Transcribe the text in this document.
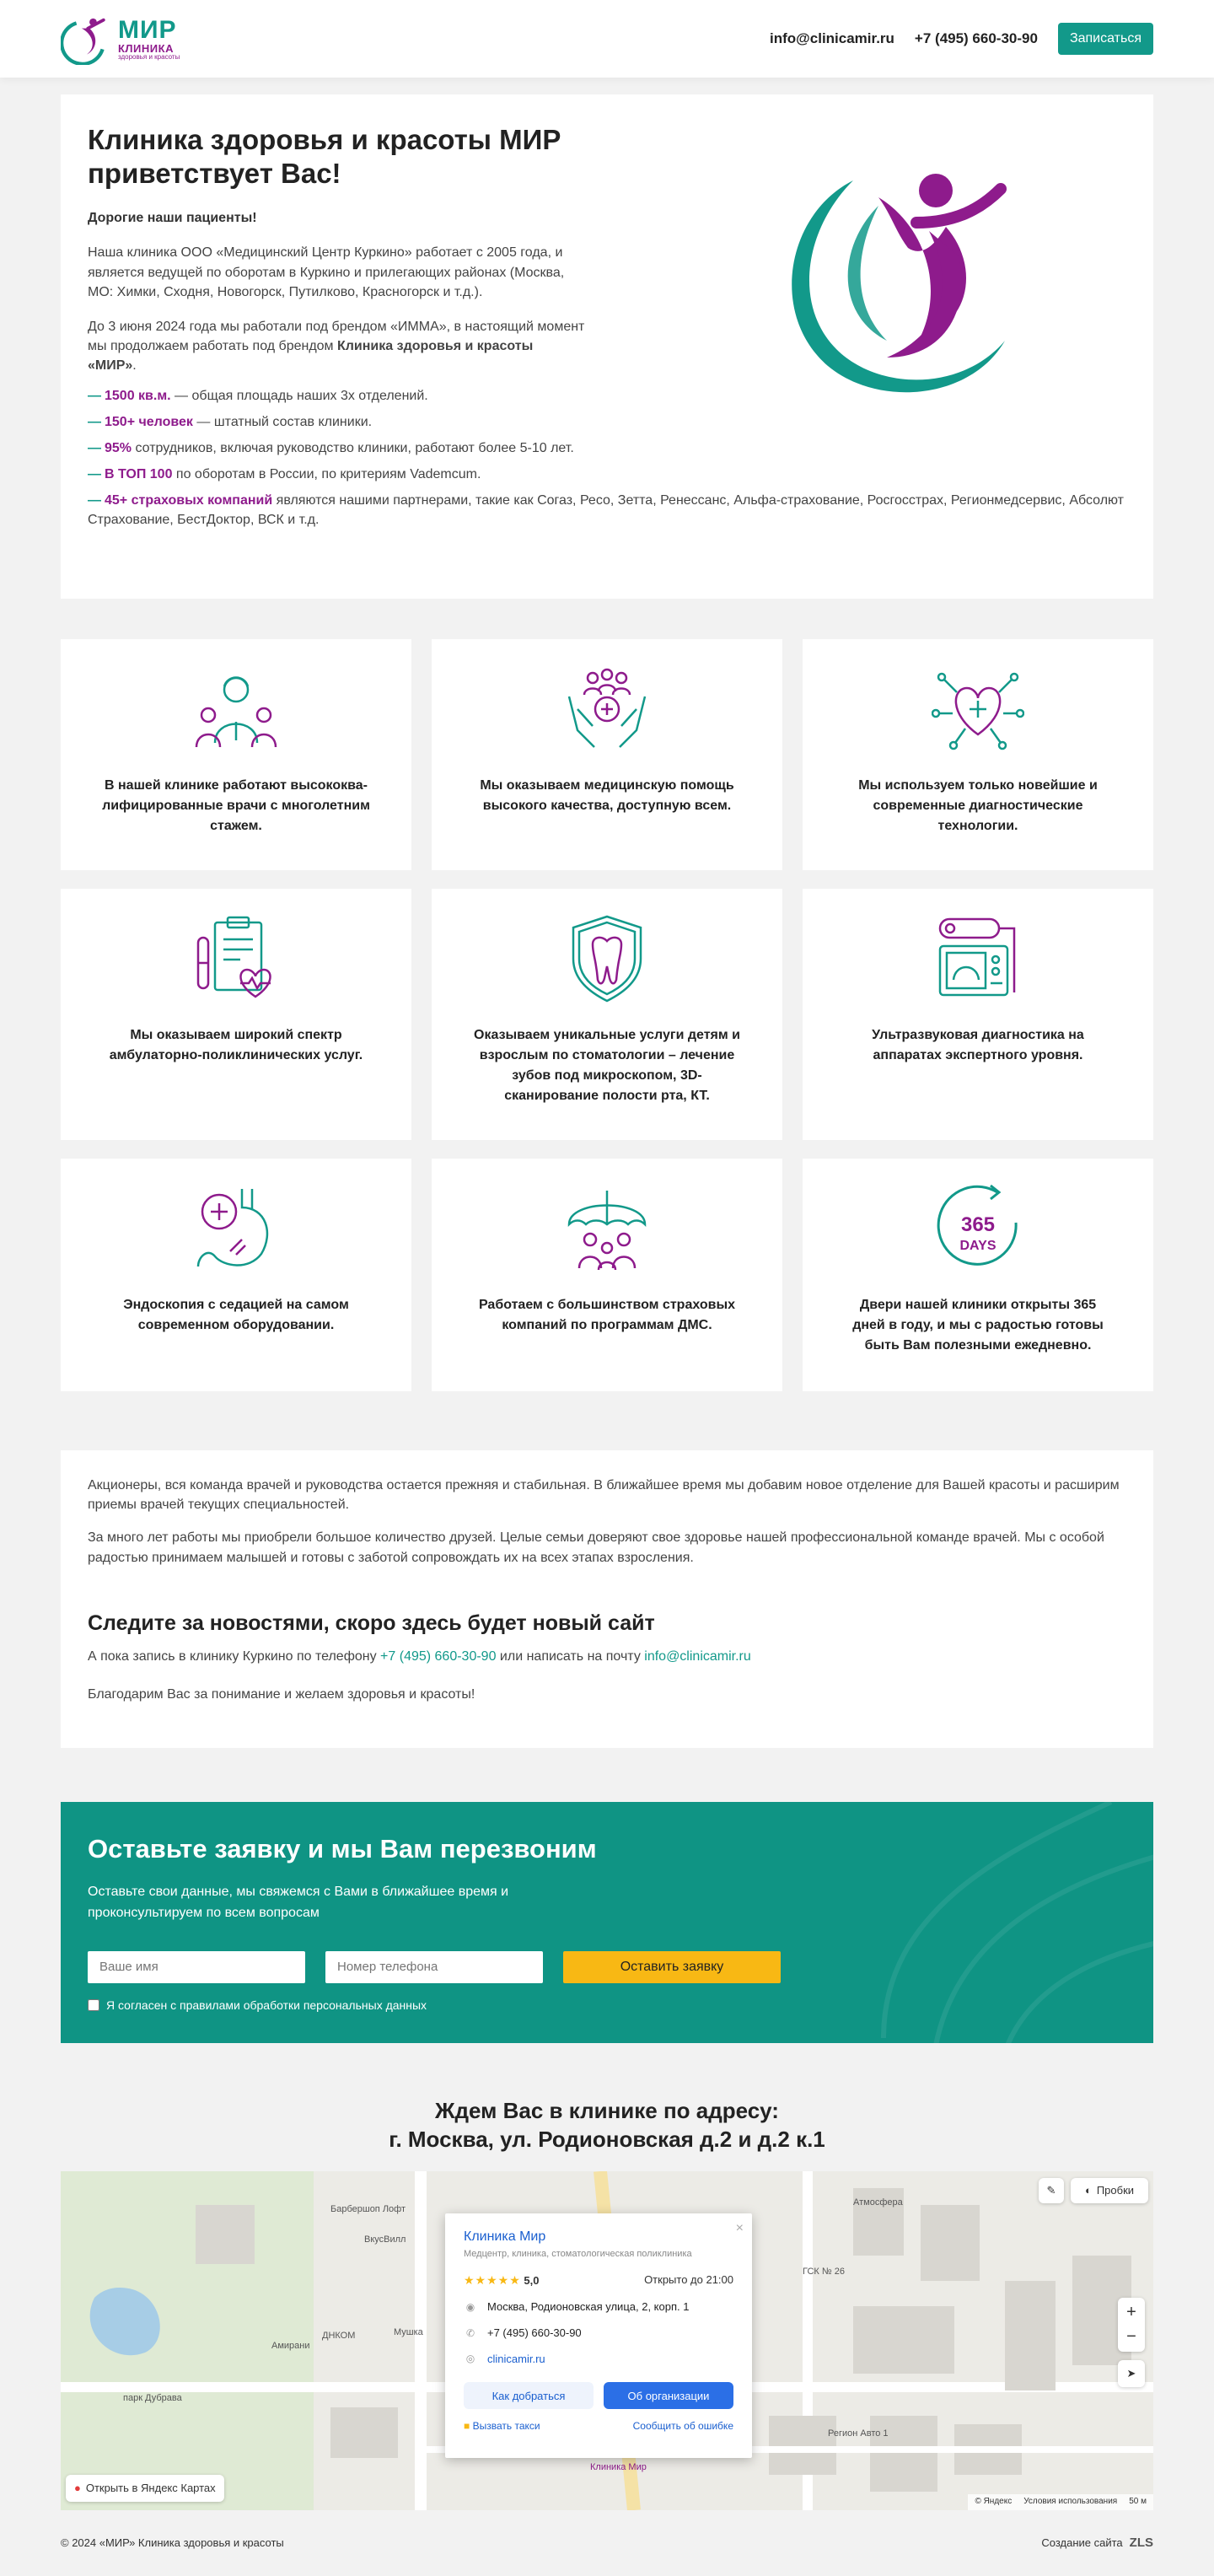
МИР
КЛИНИКА
здоровья и красоты
info@clinicamir.ru +7 (495) 660-30-90	Записаться
Клиника здоровья и красоты МИР приветствует Вас!

Дорогие наши пациенты!

Наша клиника ООО «Медицинский Центр Куркино» работает с 2005 года, и является ведущей по оборотам в Куркино и прилегающих районах (Москва, МО: Химки, Сходня, Новогорск, Путилково, Красногорск и т.д.).

До 3 июня 2024 года мы работали под брендом «ИММА», в настоящий момент мы продолжаем работать под брендом Клиника здоровья и красоты «МИР».

— 1500 кв.м. — общая площадь наших 3х отделений.
— 150+ человек — штатный состав клиники.
— 95% сотрудников, включая руководство клиники, работают более 5-10 лет.
— В ТОП 100 по оборотам в России, по критериям Vademcum.
— 45+ страховых компаний являются нашими партнерами, такие как Согаз, Ресо, Зетта, Ренессанс, Альфа-страхование, Росгосстрах, Регионмедсервис, Абсолют Страхование, БестДоктор, ВСК и т.д.

В нашей клинике работают высококвалифицированные врачи с многолетним стажем.

Мы оказываем медицинскую помощь высокого качества, доступную всем.

Мы используем только новейшие и современные диагностические технологии.

Мы оказываем широкий спектр амбулаторно-поликлинических услуг.

Оказываем уникальные услуги детям и взрослым по стоматологии – лечение зубов под микроскопом, 3D-сканирование полости рта, КТ.

Ультразвуковая диагностика на аппаратах экспертного уровня.

Эндоскопия с седацией на самом современном оборудовании.

Работаем с большинством страховых компаний по программам ДМС.

365
DAYS

Двери нашей клиники открыты 365 дней в году, и мы с радостью готовы быть Вам полезными ежедневно.

Акционеры, вся команда врачей и руководства остается прежняя и стабильная. В ближайшее время мы добавим новое отделение для Вашей красоты и расширим приемы врачей текущих специальностей.

За много лет работы мы приобрели большое количество друзей. Целые семьи доверяют свое здоровье нашей профессиональной команде врачей. Мы с особой радостью принимаем малышей и готовы с заботой сопровождать их на всех этапах взросления.

Следите за новостями, скоро здесь будет новый сайт

А пока запись в клинику Куркино по телефону +7 (495) 660-30-90 или написать на почту info@clinicamir.ru

Благодарим Вас за понимание и желаем здоровья и красоты!

Оставьте заявку и мы Вам перезвоним

Оставьте свои данные, мы свяжемся с Вами в ближайшее время и проконсультируем по всем вопросам

Ваше имя
Номер телефона
Оставить заявку
Я согласен с правилами обработки персональных данных
Ждем Вас в клинике по адресу:
г. Москва, ул. Родионовская д.2 и д.2 к.1
Атмосфера
Барбершоп Лофт
ВкусВилл
ДНКОМ
Амирани
Мушка
парк Дубрава
Клиника Мир
Регион Авто 1
ГСК № 26
✎	◐ Пробки
+
−
➤
● Открыть в Яндекс Картах
×
Клиника Мир
Медцентр, клиника, стоматологическая поликлиника
★★★★★ 5,0	Открыто до 21:00
◉ Москва, Родионовская улица, 2, корп. 1
✆ +7 (495) 660-30-90
◎ clinicamir.ru
Как добраться	Об организации
■ Вызвать такси	Сообщить об ошибке
© Яндекс Условия использования 50 м
© 2024 «МИР» Клиника здоровья и красоты	Создание сайта ZLS
